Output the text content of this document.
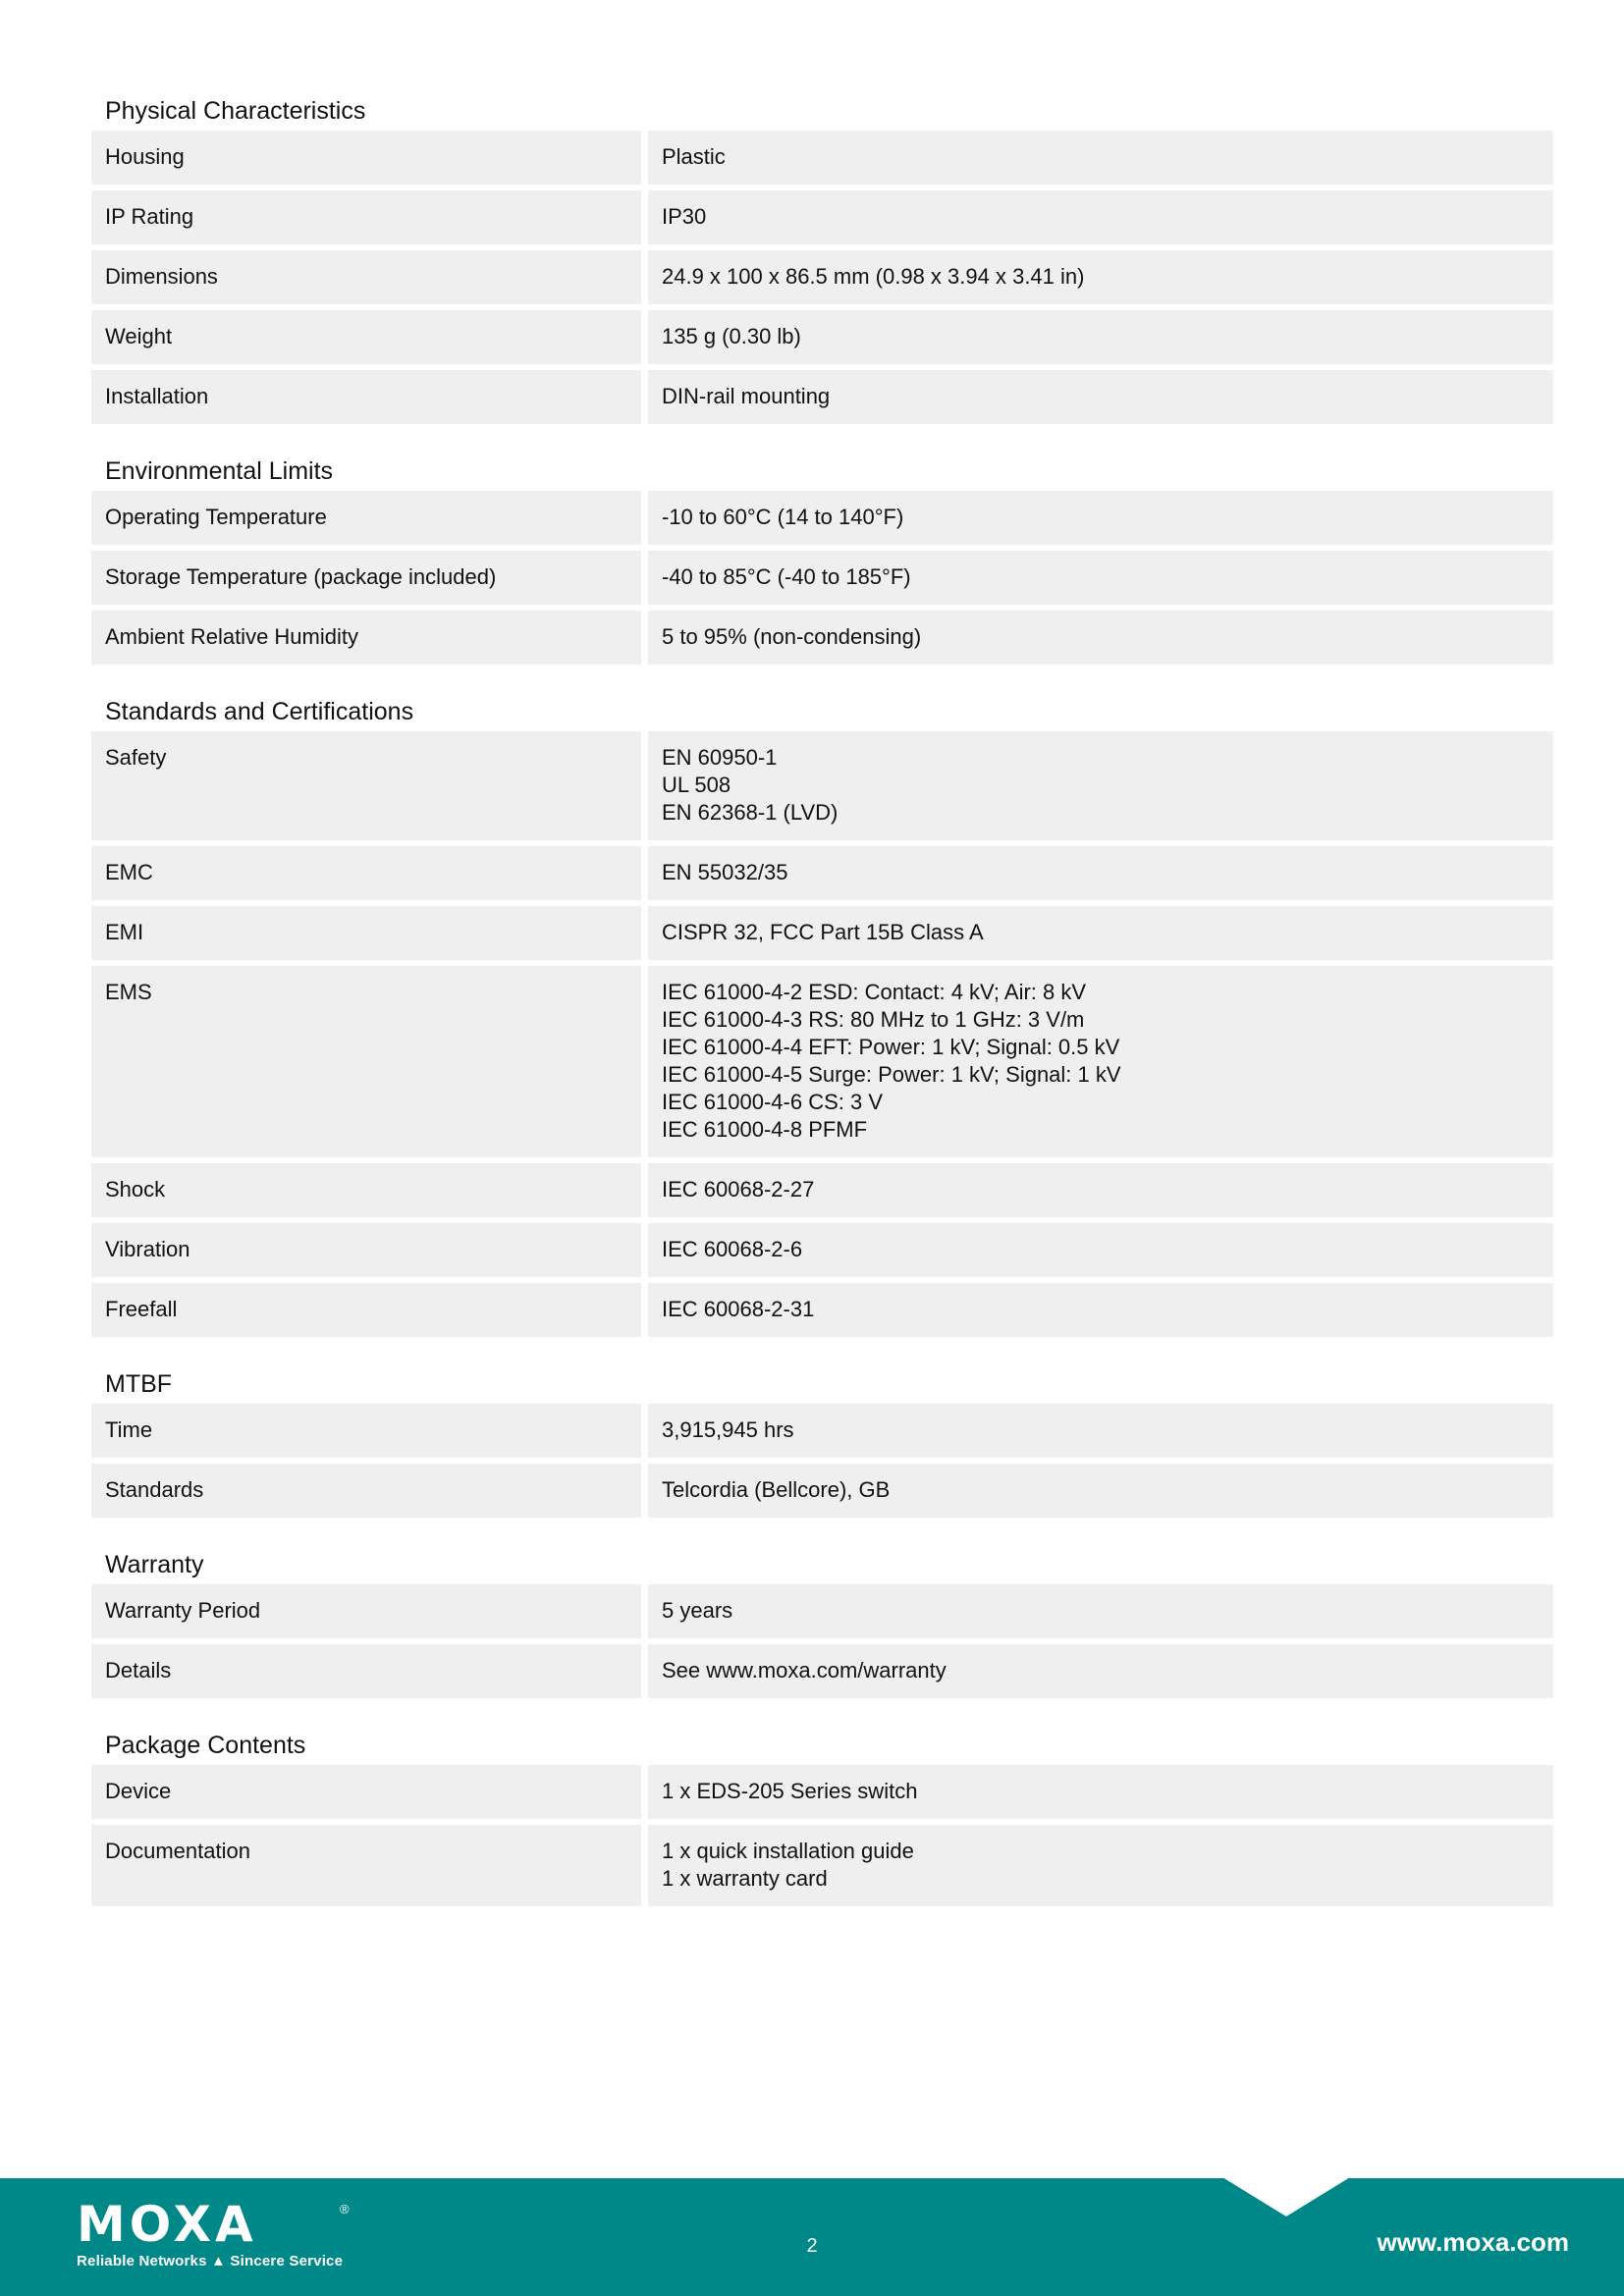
Physical Characteristics
Housing	Plastic
IP Rating	IP30
Dimensions	24.9 x 100 x 86.5 mm (0.98 x 3.94 x 3.41 in)
Weight	135 g (0.30 lb)
Installation	DIN-rail mounting
Environmental Limits
Operating Temperature	-10 to 60°C (14 to 140°F)
Storage Temperature (package included)	-40 to 85°C (-40 to 185°F)
Ambient Relative Humidity	5 to 95% (non-condensing)
Standards and Certifications
Safety	EN 60950-1
UL 508
EN 62368-1 (LVD)
EMC	EN 55032/35
EMI	CISPR 32, FCC Part 15B Class A
EMS	IEC 61000-4-2 ESD: Contact: 4 kV; Air: 8 kV
IEC 61000-4-3 RS: 80 MHz to 1 GHz: 3 V/m
IEC 61000-4-4 EFT: Power: 1 kV; Signal: 0.5 kV
IEC 61000-4-5 Surge: Power: 1 kV; Signal: 1 kV
IEC 61000-4-6 CS: 3 V
IEC 61000-4-8 PFMF
Shock	IEC 60068-2-27
Vibration	IEC 60068-2-6
Freefall	IEC 60068-2-31
MTBF
Time	3,915,945 hrs
Standards	Telcordia (Bellcore), GB
Warranty
Warranty Period	5 years
Details	See www.moxa.com/warranty
Package Contents
Device	1 x EDS-205 Series switch
Documentation	1 x quick installation guide
1 x warranty card
MOXA	®
Reliable Networks ▲ Sincere Service
2	www.moxa.com
